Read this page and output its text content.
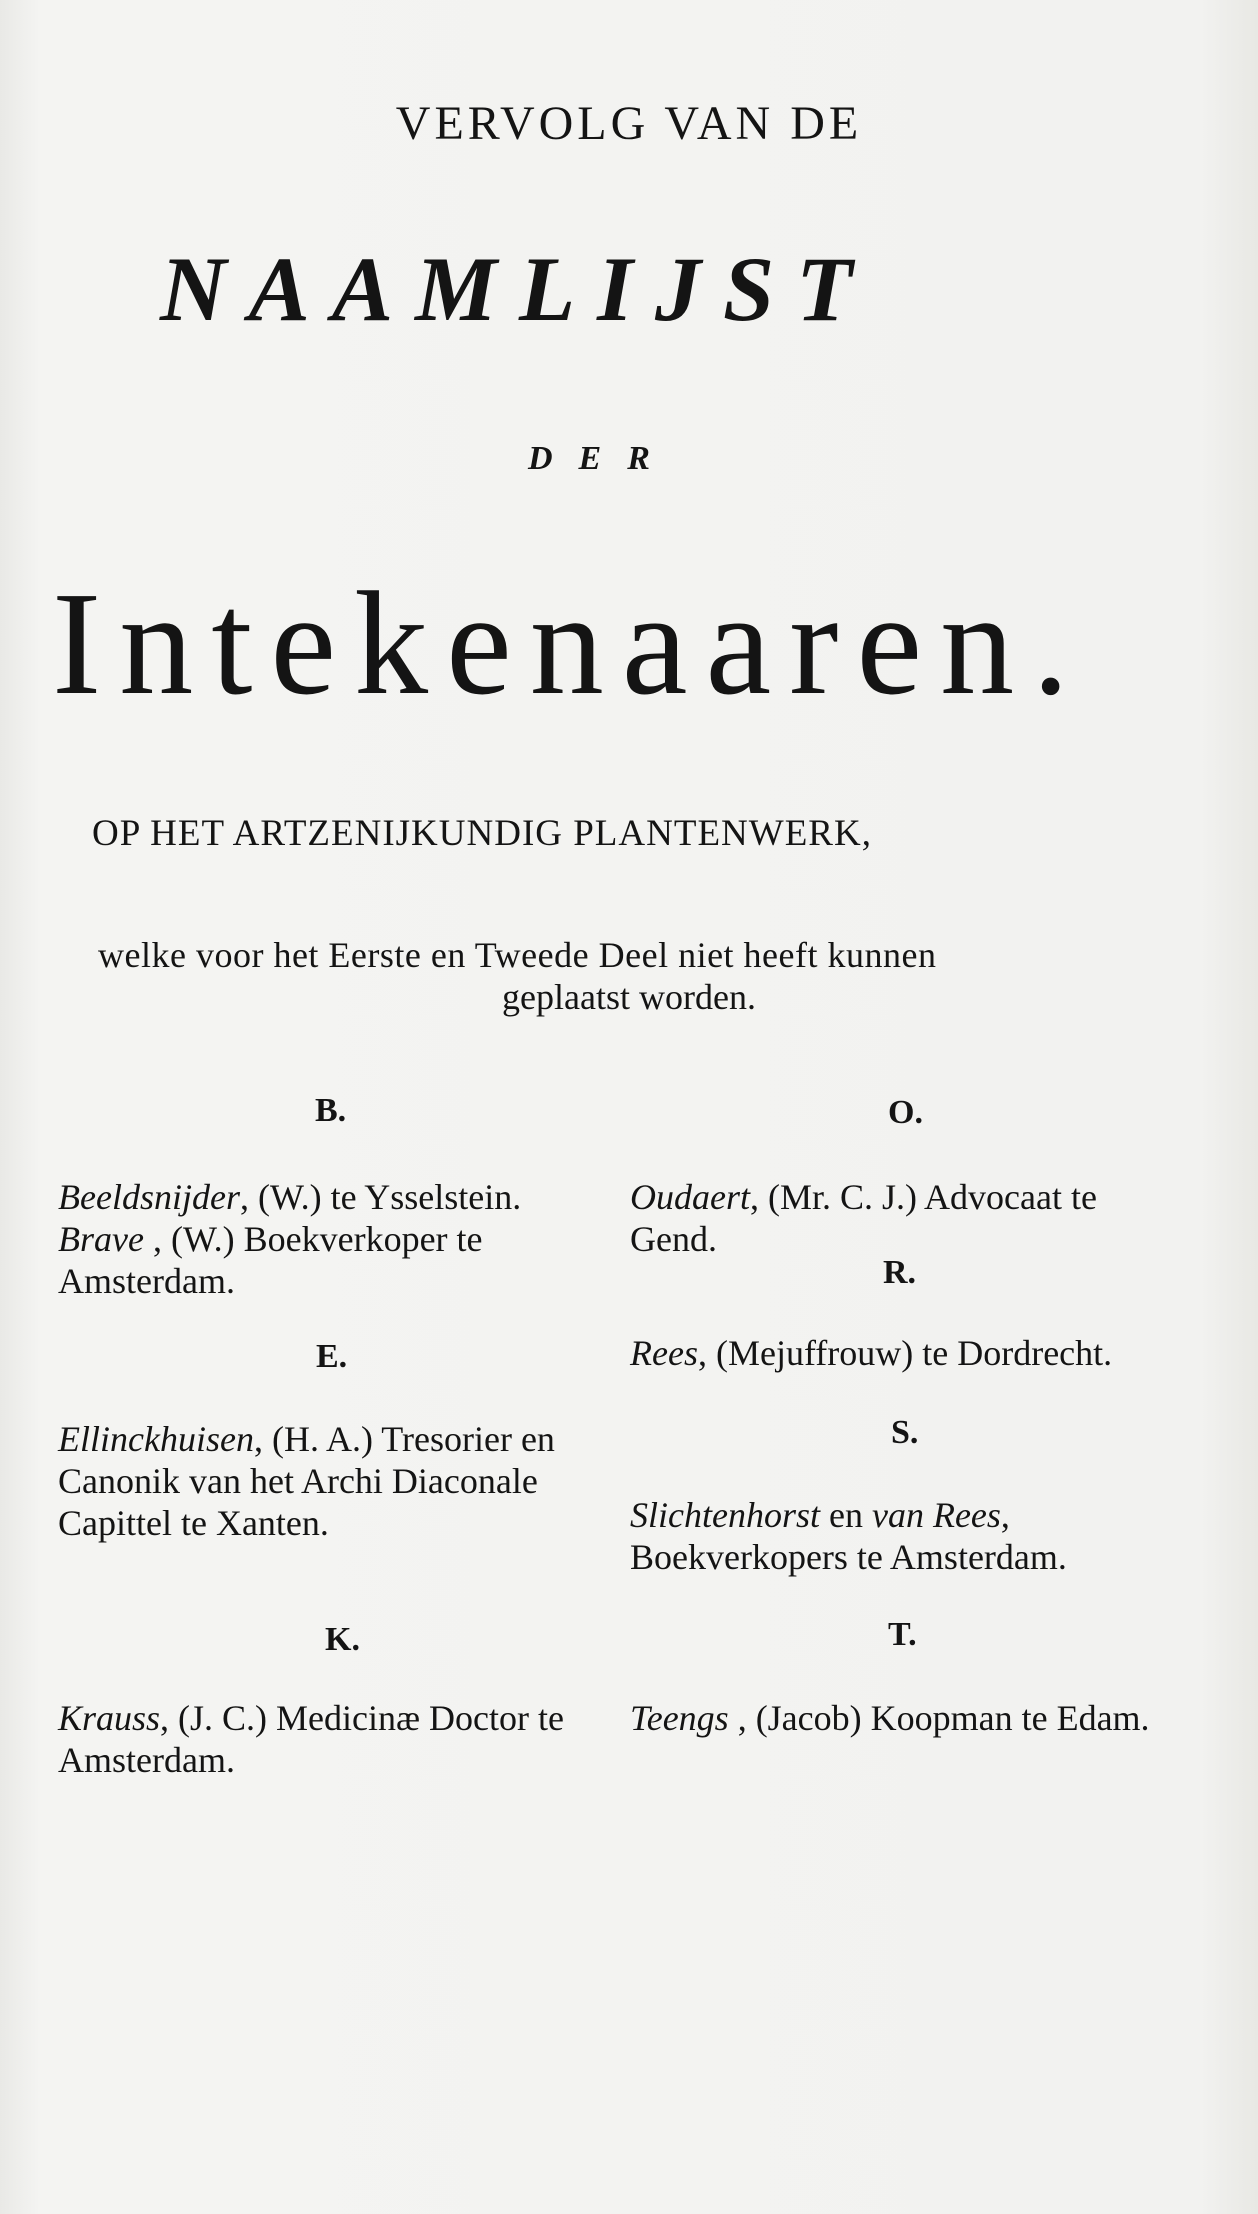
VERVOLG VAN DE
NAAMLIJST
DER
Intekenaaren.
OP HET ARTZENIJKUNDIG PLANTENWERK,
welke voor het Eerste en Tweede Deel niet heeft kunnen
geplaatst worden.
B.
Beeldsnijder, (W.) te Ysselstein.
Brave , (W.) Boekverkoper te Amsterdam.
E.
Ellinckhuisen, (H. A.) Tresorier en Canonik van het Archi Diaconale Capittel te Xanten.
K.
Krauss, (J. C.) Medicinæ Doctor te Amsterdam.
O.
Oudaert, (Mr. C. J.) Advocaat te Gend.
R.
Rees, (Mejuffrouw) te Dordrecht.
S.
Slichtenhorst en van Rees, Boekverkopers te Amsterdam.
T.
Teengs , (Jacob) Koopman te Edam.
